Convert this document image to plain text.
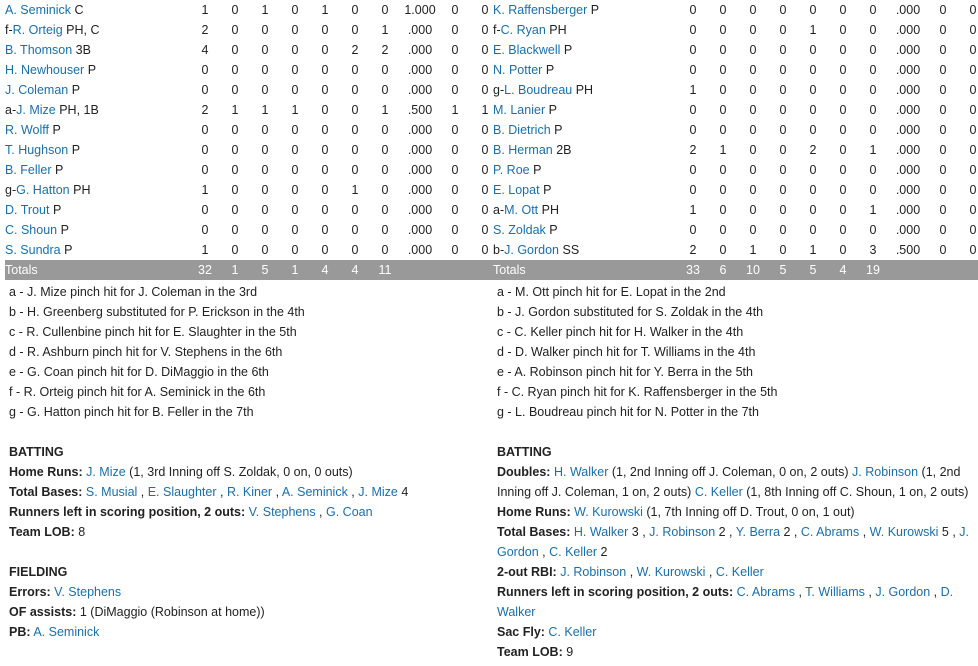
A. Seminick C	1	0	1	0	1	0	0	1.000	0	0
f-R. Orteig PH, C	2	0	0	0	0	0	1	.000	0	0
B. Thomson 3B	4	0	0	0	0	2	2	.000	0	0
H. Newhouser P	0	0	0	0	0	0	0	.000	0	0
J. Coleman P	0	0	0	0	0	0	0	.000	0	0
a-J. Mize PH, 1B	2	1	1	1	0	0	1	.500	1	1
R. Wolff P	0	0	0	0	0	0	0	.000	0	0
T. Hughson P	0	0	0	0	0	0	0	.000	0	0
B. Feller P	0	0	0	0	0	0	0	.000	0	0
g-G. Hatton PH	1	0	0	0	0	1	0	.000	0	0
D. Trout P	0	0	0	0	0	0	0	.000	0	0
C. Shoun P	0	0	0	0	0	0	0	.000	0	0
S. Sundra P	1	0	0	0	0	0	0	.000	0	0
Totals	32	1	5	1	4	4	11			
a - J. Mize pinch hit for J. Coleman in the 3rd
b - H. Greenberg substituted for P. Erickson in the 4th
c - R. Cullenbine pinch hit for E. Slaughter in the 5th
d - R. Ashburn pinch hit for V. Stephens in the 6th
e - G. Coan pinch hit for D. DiMaggio in the 6th
f - R. Orteig pinch hit for A. Seminick in the 6th
g - G. Hatton pinch hit for B. Feller in the 7th
BATTING
Home Runs: J. Mize (1, 3rd Inning off S. Zoldak, 0 on, 0 outs)
Total Bases: S. Musial , E. Slaughter , R. Kiner , A. Seminick , J. Mize 4
Runners left in scoring position, 2 outs: V. Stephens , G. Coan
Team LOB: 8
FIELDING
Errors: V. Stephens
OF assists: 1 (DiMaggio (Robinson at home))
PB: A. Seminick
K. Raffensberger P	0	0	0	0	0	0	0	.000	0	0
f-C. Ryan PH	0	0	0	0	1	0	0	.000	0	0
E. Blackwell P	0	0	0	0	0	0	0	.000	0	0
N. Potter P	0	0	0	0	0	0	0	.000	0	0
g-L. Boudreau PH	1	0	0	0	0	0	0	.000	0	0
M. Lanier P	0	0	0	0	0	0	0	.000	0	0
B. Dietrich P	0	0	0	0	0	0	0	.000	0	0
B. Herman 2B	2	1	0	0	2	0	1	.000	0	0
P. Roe P	0	0	0	0	0	0	0	.000	0	0
E. Lopat P	0	0	0	0	0	0	0	.000	0	0
a-M. Ott PH	1	0	0	0	0	0	1	.000	0	0
S. Zoldak P	0	0	0	0	0	0	0	.000	0	0
b-J. Gordon SS	2	0	1	0	1	0	3	.500	0	0
Totals	33	6	10	5	5	4	19			
a - M. Ott pinch hit for E. Lopat in the 2nd
b - J. Gordon substituted for S. Zoldak in the 4th
c - C. Keller pinch hit for H. Walker in the 4th
d - D. Walker pinch hit for T. Williams in the 4th
e - A. Robinson pinch hit for Y. Berra in the 5th
f - C. Ryan pinch hit for K. Raffensberger in the 5th
g - L. Boudreau pinch hit for N. Potter in the 7th
BATTING
Doubles: H. Walker (1, 2nd Inning off J. Coleman, 0 on, 2 outs) J. Robinson (1, 2nd Inning off J. Coleman, 1 on, 2 outs) C. Keller (1, 8th Inning off C. Shoun, 1 on, 2 outs)
Home Runs: W. Kurowski (1, 7th Inning off D. Trout, 0 on, 1 out)
Total Bases: H. Walker 3 , J. Robinson 2 , Y. Berra 2 , C. Abrams , W. Kurowski 5 , J. Gordon , C. Keller 2
2-out RBI: J. Robinson , W. Kurowski , C. Keller
Runners left in scoring position, 2 outs: C. Abrams , T. Williams , J. Gordon , D. Walker
Sac Fly: C. Keller
Team LOB: 9
